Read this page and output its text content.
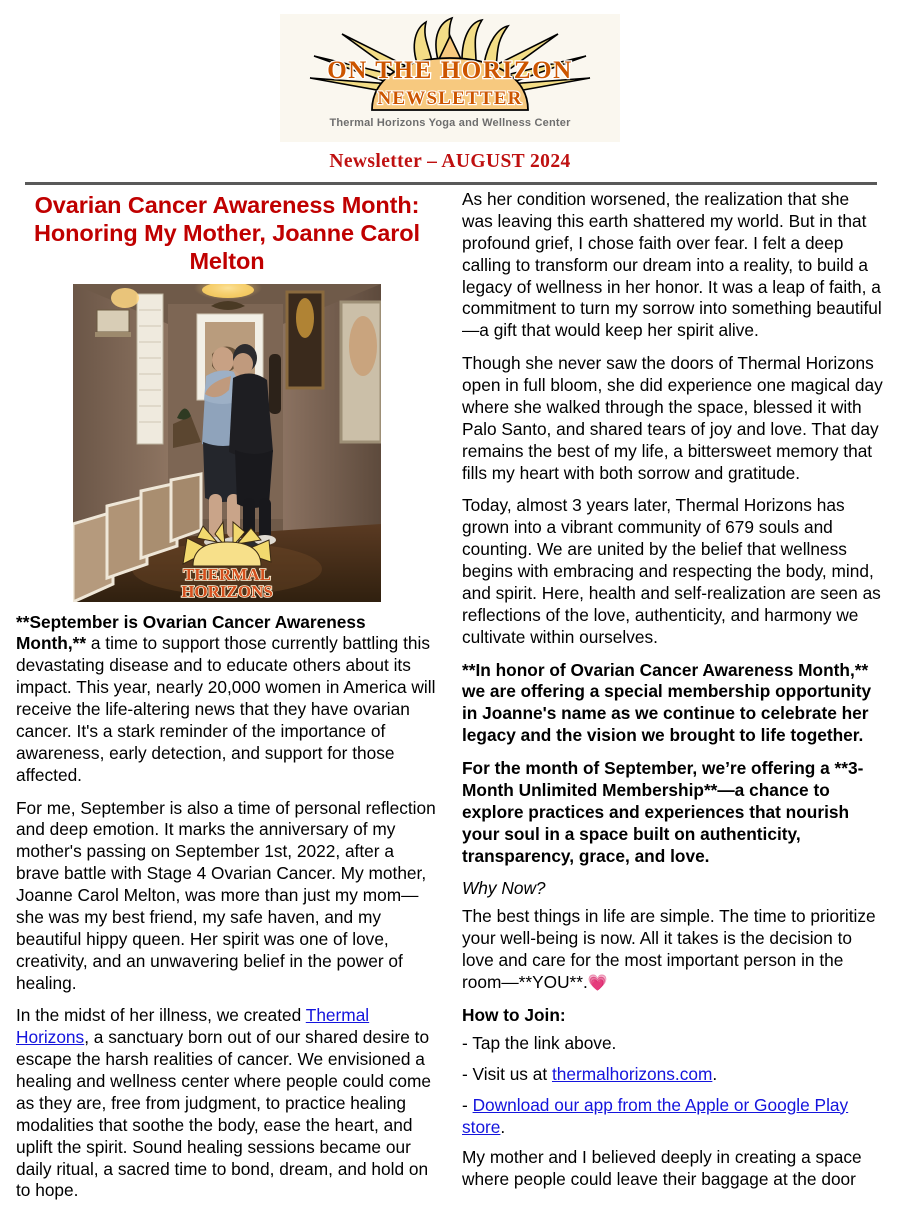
ON THE HORIZON
NEWSLETTER
Thermal Horizons Yoga and Wellness Center
Newsletter – AUGUST 2024
Ovarian Cancer Awareness Month: Honoring My Mother, Joanne Carol Melton
THERMAL
HORIZONS

**September is Ovarian Cancer Awareness Month,** a time to support those currently battling this devastating disease and to educate others about its impact. This year, nearly 20,000 women in America will receive the life-altering news that they have ovarian cancer. It's a stark reminder of the importance of awareness, early detection, and support for those affected.

For me, September is also a time of personal reflection and deep emotion. It marks the anniversary of my mother's passing on September 1st, 2022, after a brave battle with Stage 4 Ovarian Cancer. My mother, Joanne Carol Melton, was more than just my mom—she was my best friend, my safe haven, and my beautiful hippy queen. Her spirit was one of love, creativity, and an unwavering belief in the power of healing.

In the midst of her illness, we created Thermal Horizons, a sanctuary born out of our shared desire to escape the harsh realities of cancer. We envisioned a healing and wellness center where people could come as they are, free from judgment, to practice healing modalities that soothe the body, ease the heart, and uplift the spirit. Sound healing sessions became our daily ritual, a sacred time to bond, dream, and hold on to hope.

As her condition worsened, the realization that she was leaving this earth shattered my world. But in that profound grief, I chose faith over fear. I felt a deep calling to transform our dream into a reality, to build a legacy of wellness in her honor. It was a leap of faith, a commitment to turn my sorrow into something beautiful—a gift that would keep her spirit alive.

Though she never saw the doors of Thermal Horizons open in full bloom, she did experience one magical day where she walked through the space, blessed it with Palo Santo, and shared tears of joy and love. That day remains the best of my life, a bittersweet memory that fills my heart with both sorrow and gratitude.

Today, almost 3 years later, Thermal Horizons has grown into a vibrant community of 679 souls and counting. We are united by the belief that wellness begins with embracing and respecting the body, mind, and spirit. Here, health and self-realization are seen as reflections of the love, authenticity, and harmony we cultivate within ourselves.

**In honor of Ovarian Cancer Awareness Month,** we are offering a special membership opportunity in Joanne's name as we continue to celebrate her legacy and the vision we brought to life together.

For the month of September, we’re offering a **3-Month Unlimited Membership**—a chance to explore practices and experiences that nourish your soul in a space built on authenticity, transparency, grace, and love.

Why Now?

The best things in life are simple. The time to prioritize your well-being is now. All it takes is the decision to love and care for the most important person in the room—**YOU**.💗

How to Join:

- Tap the link above.
- Visit us at thermalhorizons.com.
- Download our app from the Apple or Google Play store.

My mother and I believed deeply in creating a space where people could leave their baggage at the door
